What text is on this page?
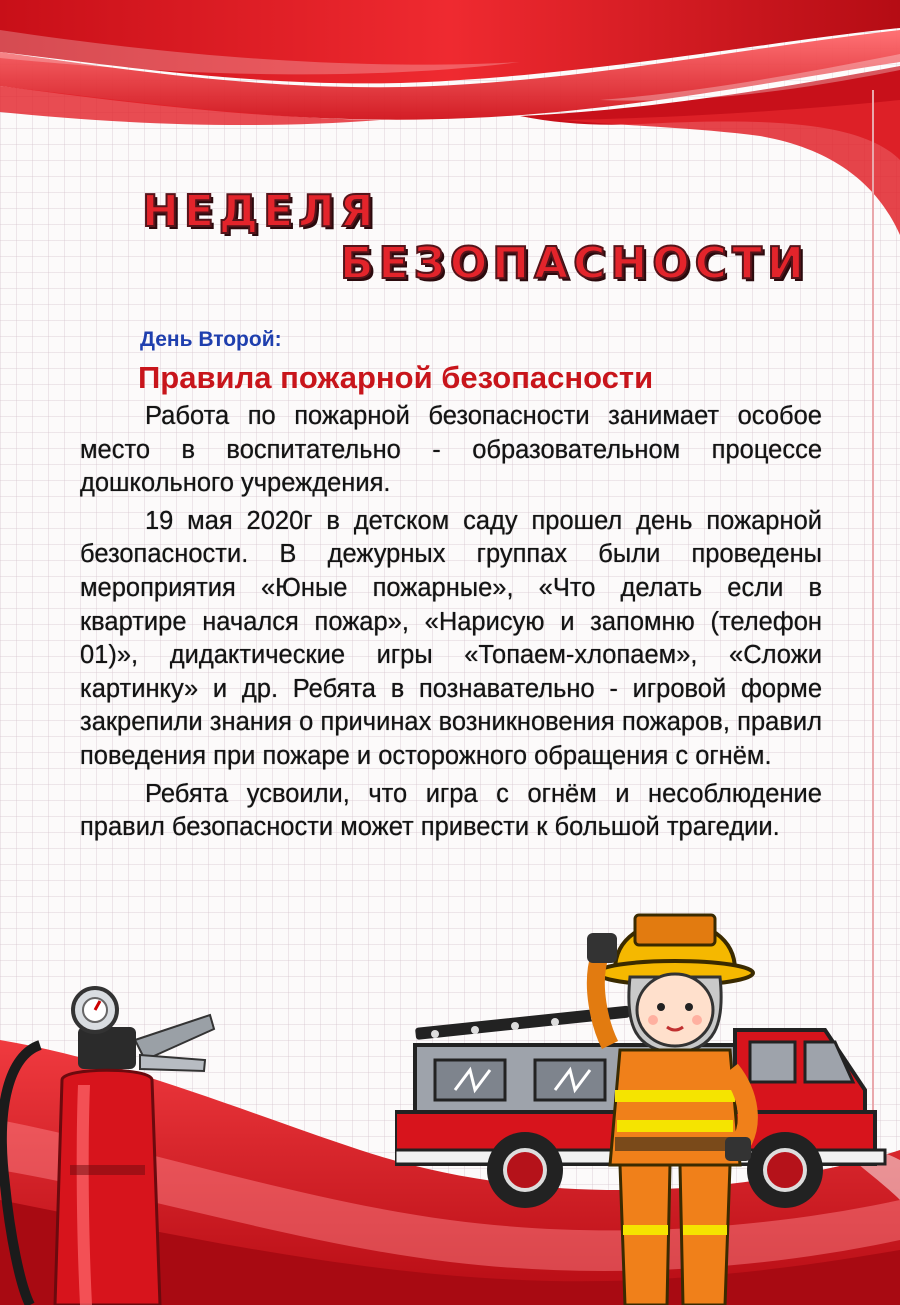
НЕДЕЛЯ
БЕЗОПАСНОСТИ
День Второй:
Правила пожарной безопасности

Работа по пожарной безопасности занимает особое место в воспитательно - образовательном процессе дошкольного учреждения.

19 мая 2020г в детском саду прошел день пожарной безопасности. В дежурных группах были проведены мероприятия «Юные пожарные», «Что делать если в квартире начался пожар», «Нарисую и запомню (телефон 01)», дидактические игры «Топаем-хлопаем», «Сложи картинку» и др. Ребята в познавательно - игровой форме закрепили знания о причинах возникновения пожаров, правил поведения при пожаре и осторожного обращения с огнём.

Ребята усвоили, что игра с огнём и несоблюдение правил безопасности может привести к большой трагедии.
